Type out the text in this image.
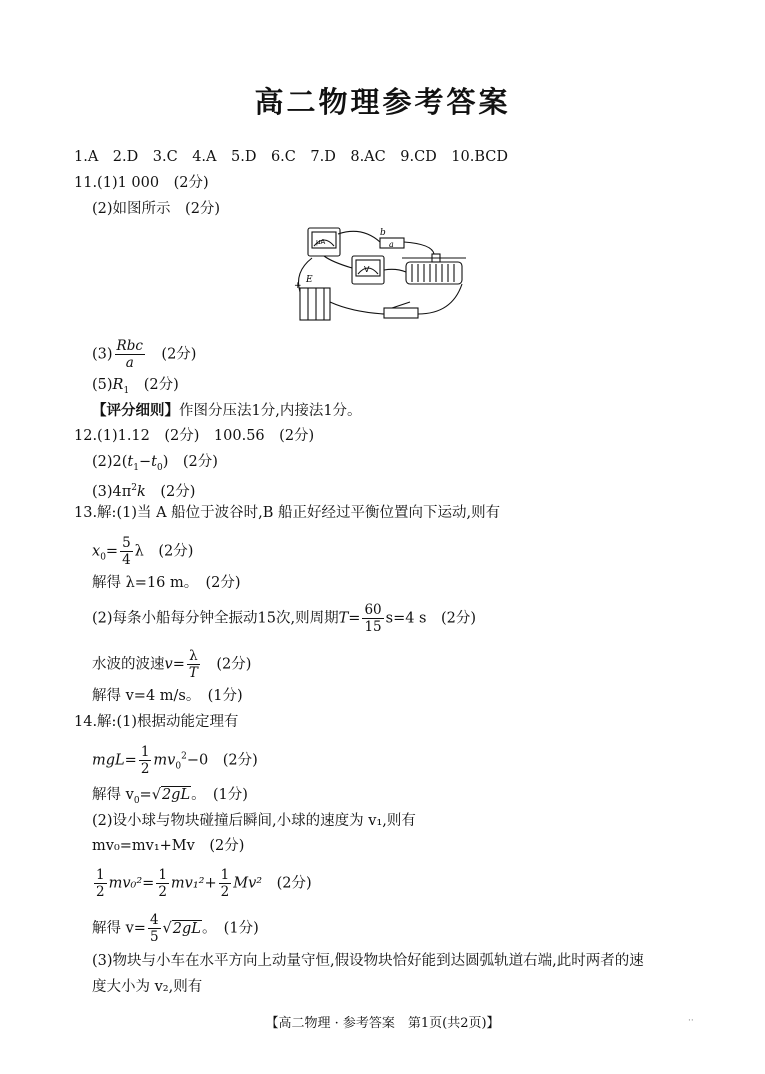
高二物理参考答案
1.A　2.D　3.C　4.A　5.D　6.C　7.D　8.AC　9.CD　10.BCD
11.(1)1 000　(2分)
(2)如图所示　(2分)
μA
V
b
a
E
+
$(3) \frac{\text{Rbc}}{a}$ 　(2分)
$(5)R_1$　(2分)
【评分细则】作图分压法1分,内接法1分。
12.(1)1.12　(2分)　100.56　(2分)
$(2)2(t_1-t_0)$　(2分)
$(3)4\pi^2k$　(2分)
13.解:(1)当 A 船位于波谷时,B 船正好经过平衡位置向下运动,则有
$x_0= \frac{5}{4}$ λ　(2分)
解得 λ=16 m。　(2分)
(2)每条小船每分钟全振动15次,则周期$T= \frac{60}{15} s=4$ s　(2分)
水波的波速$v= \frac{\lambda}{T}$ 　(2分)
解得 v=4 m/s。　(1分)
14.解:(1)根据动能定理有
$mgL= \frac{1}{2} mv_0^2-0$　(2分)
解得 $v_0=√2gL$。　(1分)
(2)设小球与物块碰撞后瞬间,小球的速度为 v₁,则有
mv₀=mv₁+Mv　(2分)
$\frac{1}{2} mv_0^2= \frac{1}{2} mv_1^2+ \frac{1}{2} Mv^2$　(2分)
解得 $v= \frac{4}{5} √2gL$。　(1分)
(3)物块与小车在水平方向上动量守恒,假设物块恰好能到达圆弧轨道右端,此时两者的速
度大小为 v₂,则有
【高二物理 · 参考答案　第1页(共2页)】	··
